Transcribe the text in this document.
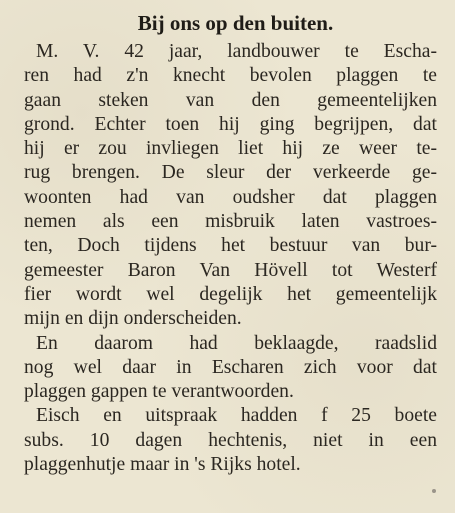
Bij ons op den buiten.
M. V. 42 jaar, landbouwer te Escha-
ren had z'n knecht bevolen plaggen te
gaan steken van den gemeentelijken
grond. Echter toen hij ging begrijpen, dat
hij er zou invliegen liet hij ze weer te-
rug brengen. De sleur der verkeerde ge-
woonten had van oudsher dat plaggen
nemen als een misbruik laten vastroes-
ten, Doch tijdens het bestuur van bur-
gemeester Baron Van Hövell tot Westerf
fier wordt wel degelijk het gemeentelijk
mijn en dijn onderscheiden.
En daarom had beklaagde, raadslid
nog wel daar in Escharen zich voor dat
plaggen gappen te verantwoorden.
Eisch en uitspraak hadden f 25 boete
subs. 10 dagen hechtenis, niet in een
plaggenhutje maar in 's Rijks hotel.
